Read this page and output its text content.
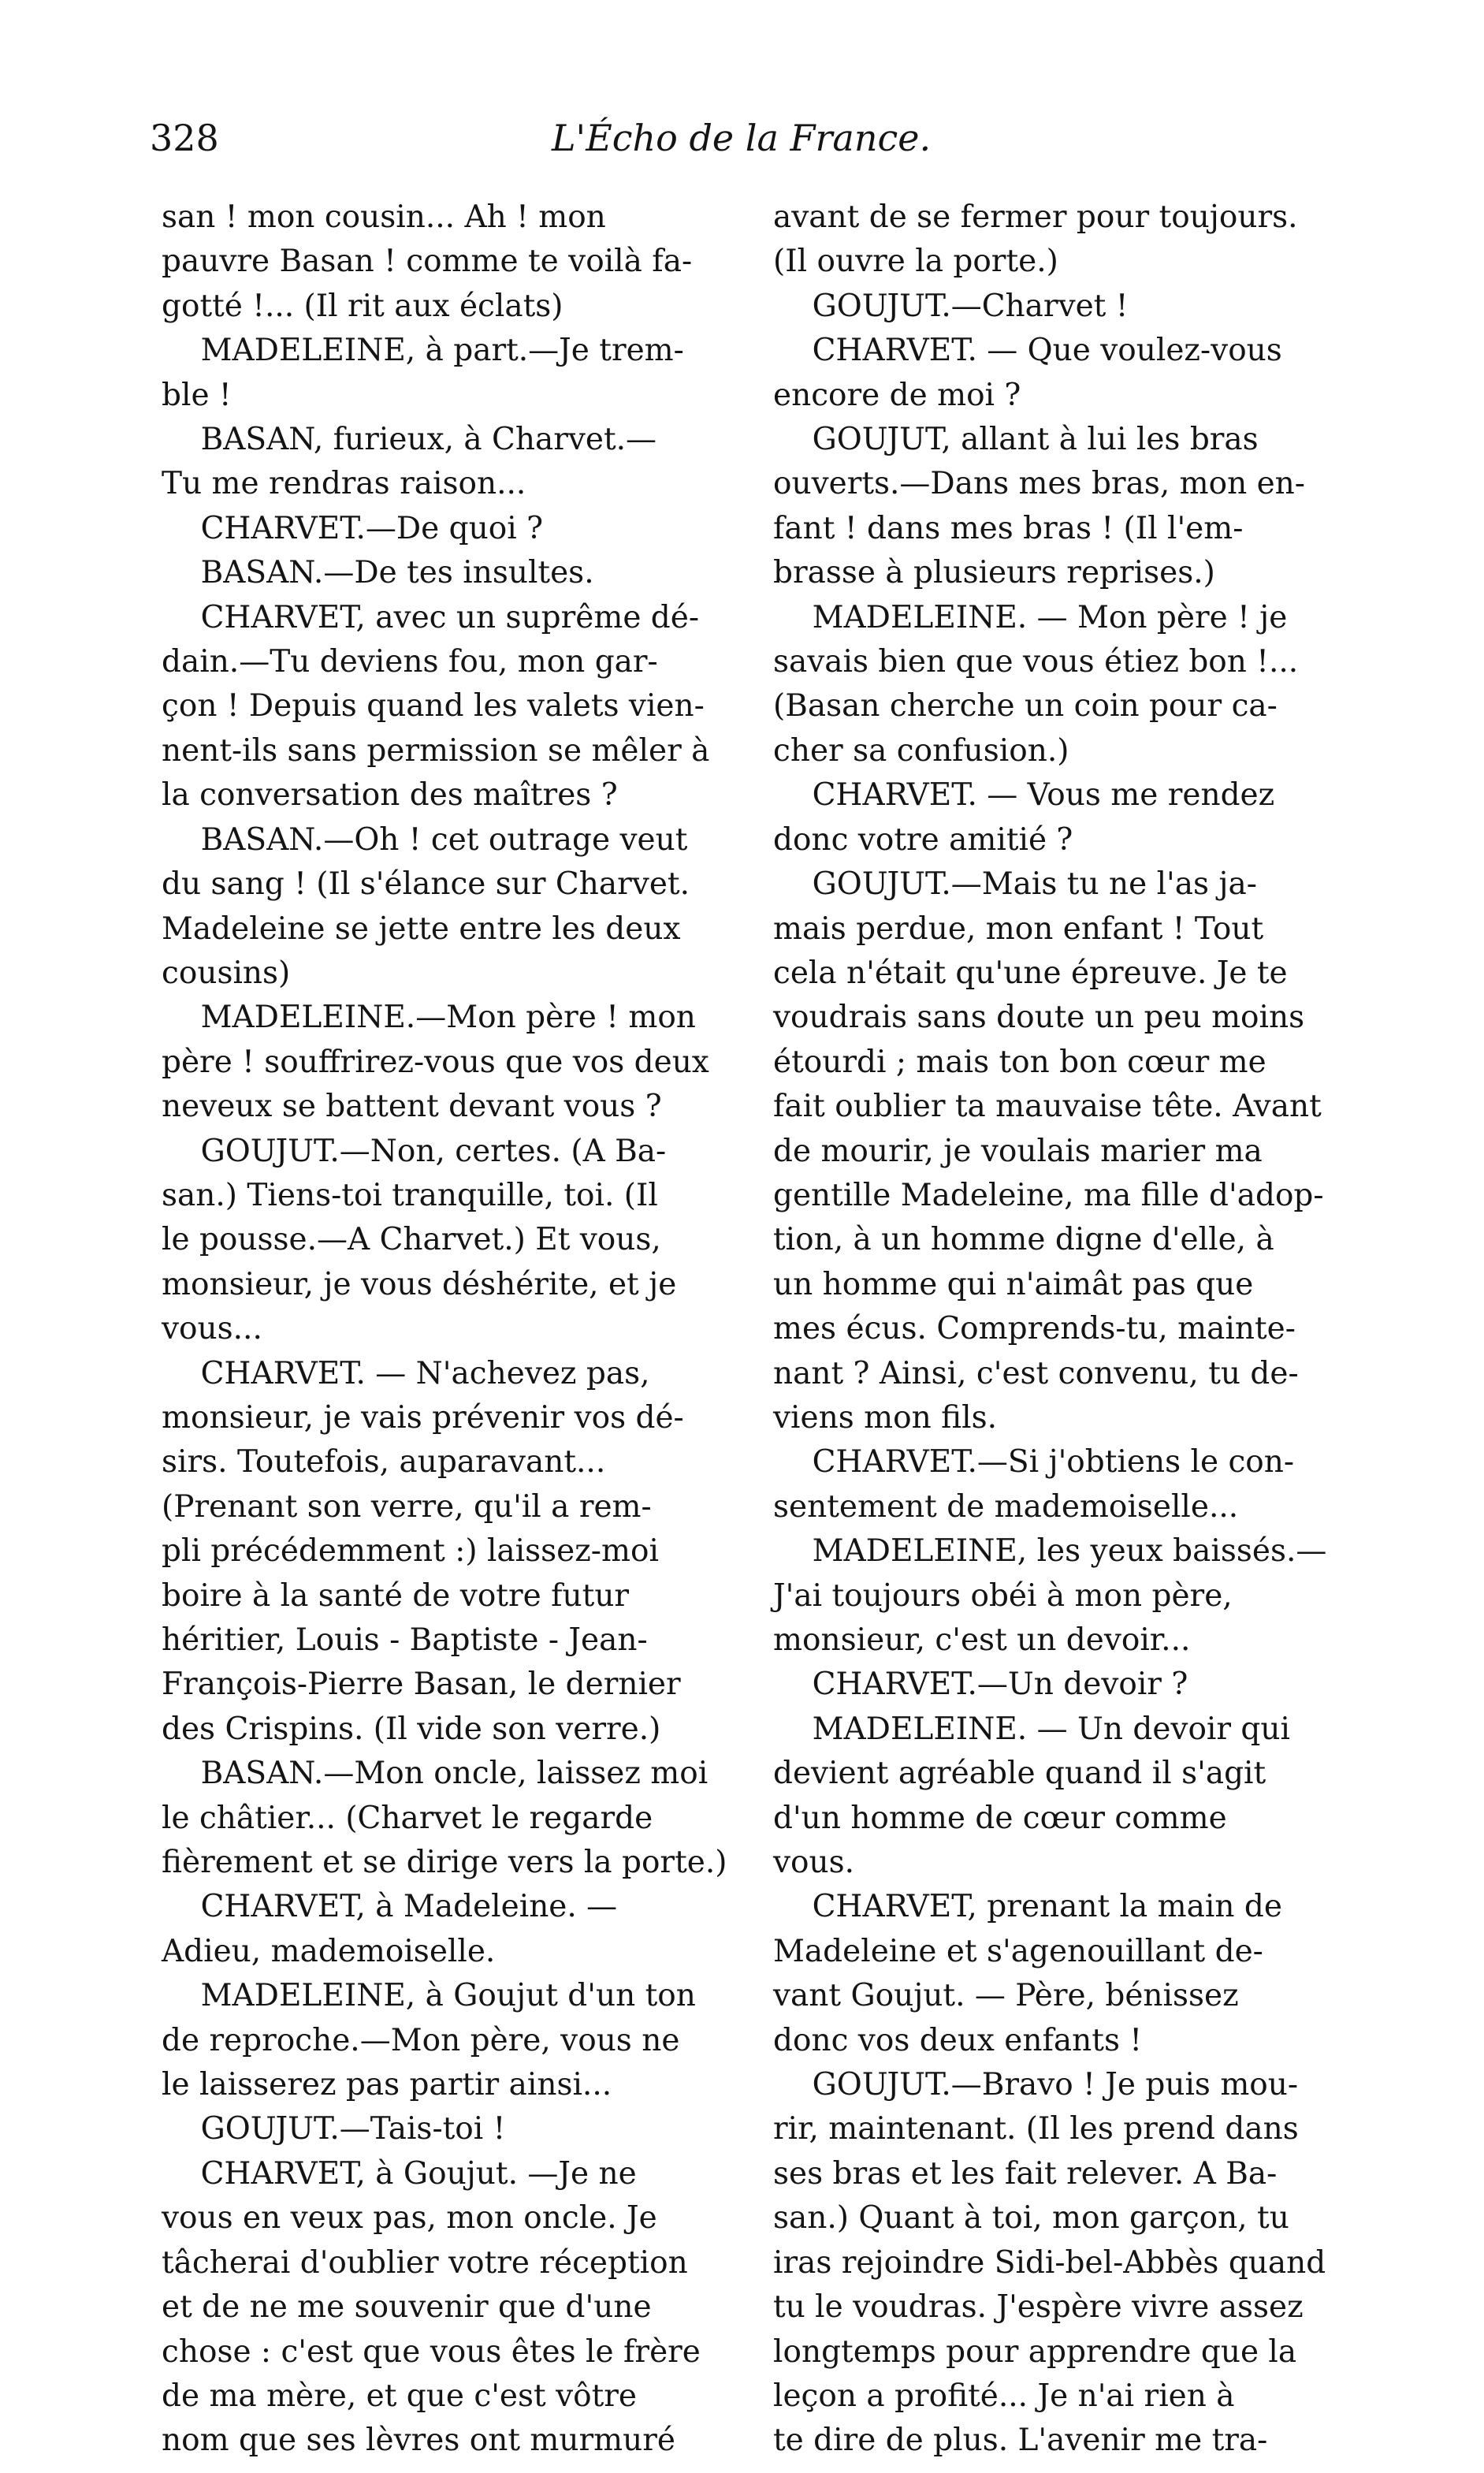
328	L'Écho de la France.
san ! mon cousin... Ah ! mon
pauvre Basan ! comme te voilà fa-
gotté !... (Il rit aux éclats)
MADELEINE, à part.—Je trem-
ble !
BASAN, furieux, à Charvet.—
Tu me rendras raison...
CHARVET.—De quoi ?
BASAN.—De tes insultes.
CHARVET, avec un suprême dé-
dain.—Tu deviens fou, mon gar-
çon ! Depuis quand les valets vien-
nent-ils sans permission se mêler à
la conversation des maîtres ?
BASAN.—Oh ! cet outrage veut
du sang ! (Il s'élance sur Charvet.
Madeleine se jette entre les deux
cousins)
MADELEINE.—Mon père ! mon
père ! souffrirez-vous que vos deux
neveux se battent devant vous ?
GOUJUT.—Non, certes. (A Ba-
san.) Tiens-toi tranquille, toi. (Il
le pousse.—A Charvet.) Et vous,
monsieur, je vous déshérite, et je
vous...
CHARVET. — N'achevez pas,
monsieur, je vais prévenir vos dé-
sirs. Toutefois, auparavant...
(Prenant son verre, qu'il a rem-
pli précédemment :) laissez-moi
boire à la santé de votre futur
héritier, Louis - Baptiste - Jean-
François-Pierre Basan, le dernier
des Crispins. (Il vide son verre.)
BASAN.—Mon oncle, laissez moi
le châtier... (Charvet le regarde
fièrement et se dirige vers la porte.)
CHARVET, à Madeleine. —
Adieu, mademoiselle.
MADELEINE, à Goujut d'un ton
de reproche.—Mon père, vous ne
le laisserez pas partir ainsi...
GOUJUT.—Tais-toi !
CHARVET, à Goujut. —Je ne
vous en veux pas, mon oncle. Je
tâcherai d'oublier votre réception
et de ne me souvenir que d'une
chose : c'est que vous êtes le frère
de ma mère, et que c'est vôtre
nom que ses lèvres ont murmuré
avant de se fermer pour toujours.
(Il ouvre la porte.)
GOUJUT.—Charvet !
CHARVET. — Que voulez-vous
encore de moi ?
GOUJUT, allant à lui les bras
ouverts.—Dans mes bras, mon en-
fant ! dans mes bras ! (Il l'em-
brasse à plusieurs reprises.)
MADELEINE. — Mon père ! je
savais bien que vous étiez bon !...
(Basan cherche un coin pour ca-
cher sa confusion.)
CHARVET. — Vous me rendez
donc votre amitié ?
GOUJUT.—Mais tu ne l'as ja-
mais perdue, mon enfant ! Tout
cela n'était qu'une épreuve. Je te
voudrais sans doute un peu moins
étourdi ; mais ton bon cœur me
fait oublier ta mauvaise tête. Avant
de mourir, je voulais marier ma
gentille Madeleine, ma fille d'adop-
tion, à un homme digne d'elle, à
un homme qui n'aimât pas que
mes écus. Comprends-tu, mainte-
nant ? Ainsi, c'est convenu, tu de-
viens mon fils.
CHARVET.—Si j'obtiens le con-
sentement de mademoiselle...
MADELEINE, les yeux baissés.—
J'ai toujours obéi à mon père,
monsieur, c'est un devoir...
CHARVET.—Un devoir ?
MADELEINE. — Un devoir qui
devient agréable quand il s'agit
d'un homme de cœur comme
vous.
CHARVET, prenant la main de
Madeleine et s'agenouillant de-
vant Goujut. — Père, bénissez
donc vos deux enfants !
GOUJUT.—Bravo ! Je puis mou-
rir, maintenant. (Il les prend dans
ses bras et les fait relever. A Ba-
san.) Quant à toi, mon garçon, tu
iras rejoindre Sidi-bel-Abbès quand
tu le voudras. J'espère vivre assez
longtemps pour apprendre que la
leçon a profité... Je n'ai rien à
te dire de plus. L'avenir me tra-
